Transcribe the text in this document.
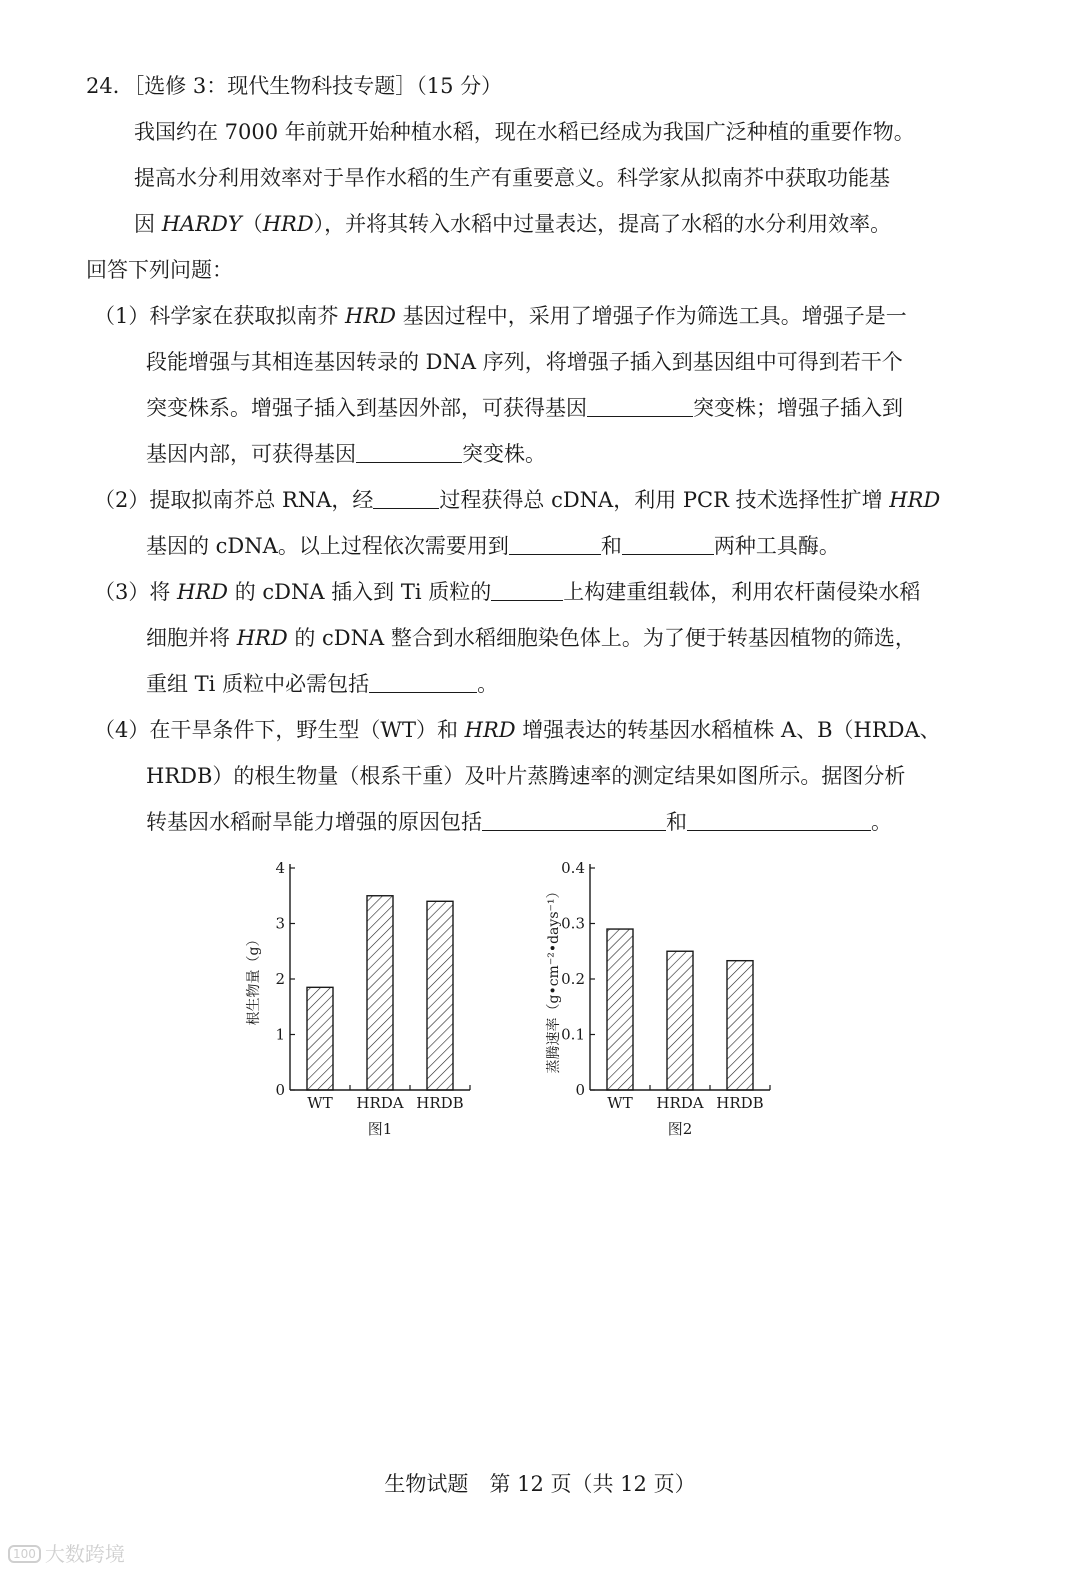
24．［选修 3：现代生物科技专题］（15 分）
我国约在 7000 年前就开始种植水稻，现在水稻已经成为我国广泛种植的重要作物。
提高水分利用效率对于旱作水稻的生产有重要意义。科学家从拟南芥中获取功能基
因 HARDY（HRD），并将其转入水稻中过量表达，提高了水稻的水分利用效率。
回答下列问题：
（1）科学家在获取拟南芥 HRD 基因过程中，采用了增强子作为筛选工具。增强子是一
段能增强与其相连基因转录的 DNA 序列，将增强子插入到基因组中可得到若干个
突变株系。增强子插入到基因外部，可获得基因	突变株；增强子插入到
基因内部，可获得基因	突变株。
（2）提取拟南芥总 RNA，经	过程获得总 cDNA，利用 PCR 技术选择性扩增 HRD
基因的 cDNA。以上过程依次需要用到	和	两种工具酶。
（3）将 HRD 的 cDNA 插入到 Ti 质粒的	上构建重组载体，利用农杆菌侵染水稻
细胞并将 HRD 的 cDNA 整合到水稻细胞染色体上。为了便于转基因植物的筛选，
重组 Ti 质粒中必需包括	。
（4）在干旱条件下，野生型（WT）和 HRD 增强表达的转基因水稻植株 A、B（HRDA、
HRDB）的根生物量（根系干重）及叶片蒸腾速率的测定结果如图所示。据图分析
转基因水稻耐旱能力增强的原因包括	和	。
0
1
2
3
4
WT HRDA HRDB
根生物量（g）
图1
0
0.1
0.2
0.3
0.4
WT HRDA HRDB
蒸腾速率（g•cm⁻²•days⁻¹）
图2
生物试题　第 12 页（共 12 页）
100 大数跨境
